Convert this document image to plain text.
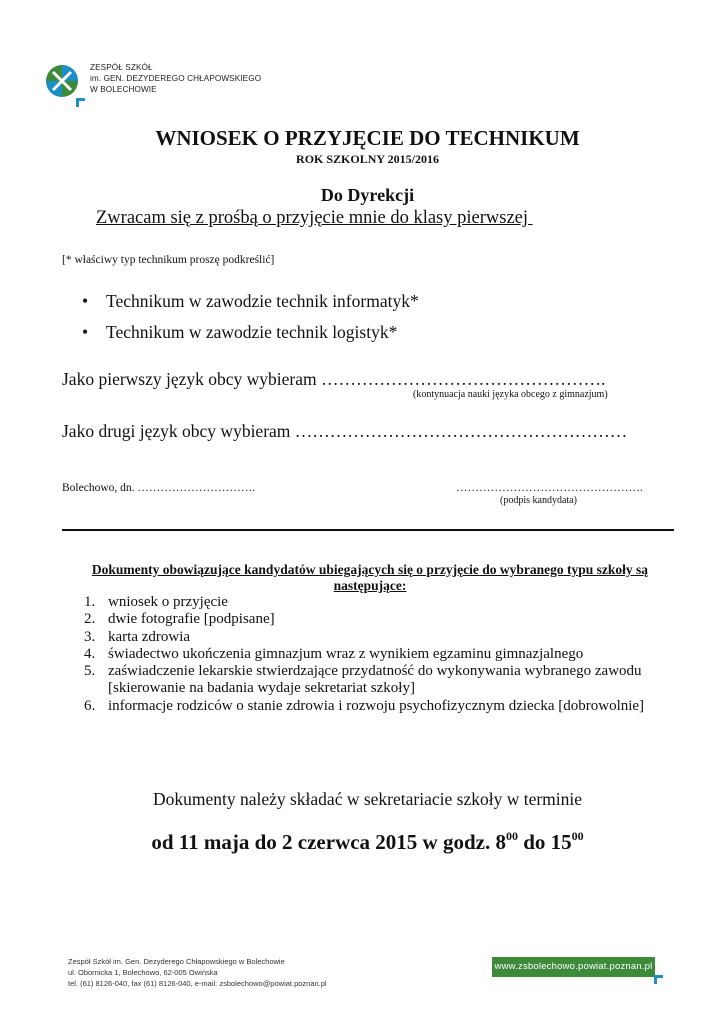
ZESPÓŁ SZKÓŁ
im. GEN. DEZYDEREGO CHŁAPOWSKIEGO
W BOLECHOWIE
WNIOSEK O PRZYJĘCIE DO TECHNIKUM
ROK SZKOLNY 2015/2016
Do Dyrekcji
Zwracam się z prośbą o przyjęcie mnie do klasy pierwszej
[* właściwy typ technikum proszę podkreślić]
• Technikum w zawodzie technik informatyk*
• Technikum w zawodzie technik logistyk*
Jako pierwszy język obcy wybieram ………………………………………….
(kontynuacja nauki języka obcego z gimnazjum)
Jako drugi język obcy wybieram …………………………………………………
Bolechowo, dn. ………………………….	………………………………………….
(podpis kandydata)
Dokumenty obowiązujące kandydatów ubiegających się o przyjęcie do wybranego typu szkoły są następujące:
1. wniosek o przyjęcie
2. dwie fotografie [podpisane]
3. karta zdrowia
4. świadectwo ukończenia gimnazjum wraz z wynikiem egzaminu gimnazjalnego
5. zaświadczenie lekarskie stwierdzające przydatność do wykonywania wybranego zawodu [skierowanie na badania wydaje sekretariat szkoły]
6. informacje rodziców o stanie zdrowia i rozwoju psychofizycznym dziecka [dobrowolnie]
Dokumenty należy składać w sekretariacie szkoły w terminie
od 11 maja do 2 czerwca 2015 w godz. $8^{00}$ do $15^{00}$
Zespół Szkół im. Gen. Dezyderego Chłapowskiego w Bolechowie
ul. Obornicka 1, Bolechowo, 62-005 Owińska
tel. (61) 8126-040, fax (61) 8126-040, e-mail: zsbolechowo@powiat.poznan.pl
www.zsbolechowo.powiat.poznan.pl
